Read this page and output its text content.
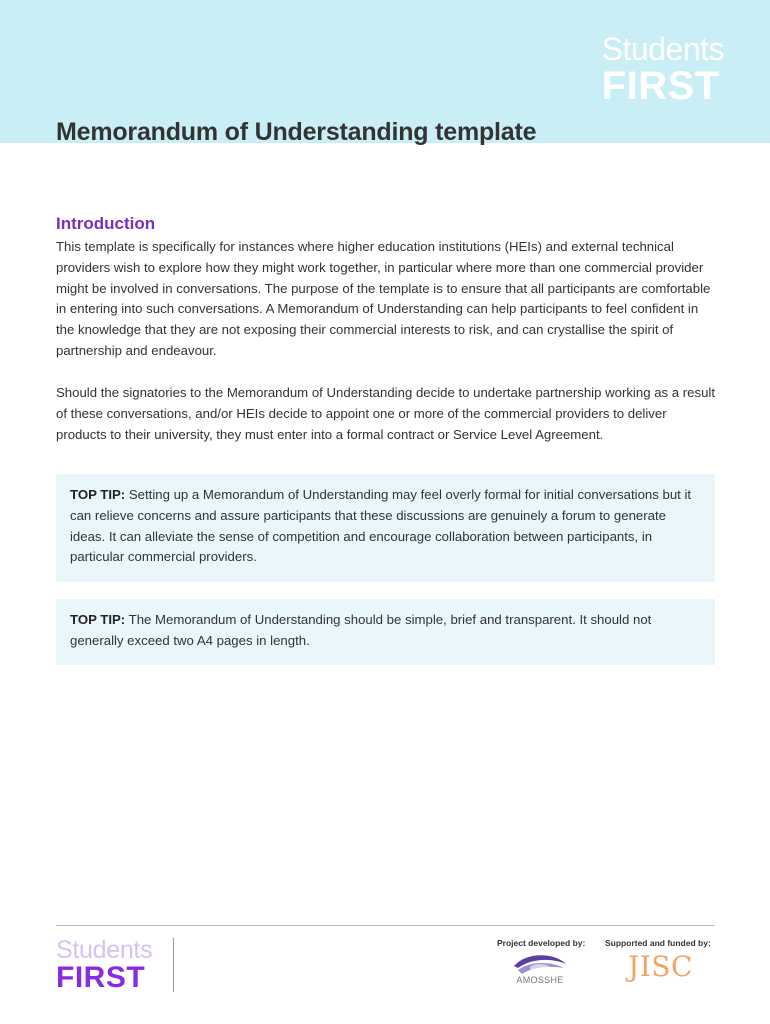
Students
FIRST
Memorandum of Understanding template
Introduction

This template is specifically for instances where higher education institutions (HEIs) and external technical providers wish to explore how they might work together, in particular where more than one commercial provider might be involved in conversations. The purpose of the template is to ensure that all participants are comfortable in entering into such conversations. A Memorandum of Understanding can help participants to feel confident in the knowledge that they are not exposing their commercial interests to risk, and can crystallise the spirit of partnership and endeavour.

Should the signatories to the Memorandum of Understanding decide to undertake partnership working as a result of these conversations, and/or HEIs decide to appoint one or more of the commercial providers to deliver products to their university, they must enter into a formal contract or Service Level Agreement.

TOP TIP: Setting up a Memorandum of Understanding may feel overly formal for initial conversations but it can relieve concerns and assure participants that these discussions are genuinely a forum to generate ideas. It can alleviate the sense of competition and encourage collaboration between participants, in particular commercial providers.
TOP TIP: The Memorandum of Understanding should be simple, brief and transparent. It should not generally exceed two A4 pages in length.
Students
FIRST
Project developed by: Supported and funded by:
AMOSSHE JISC
